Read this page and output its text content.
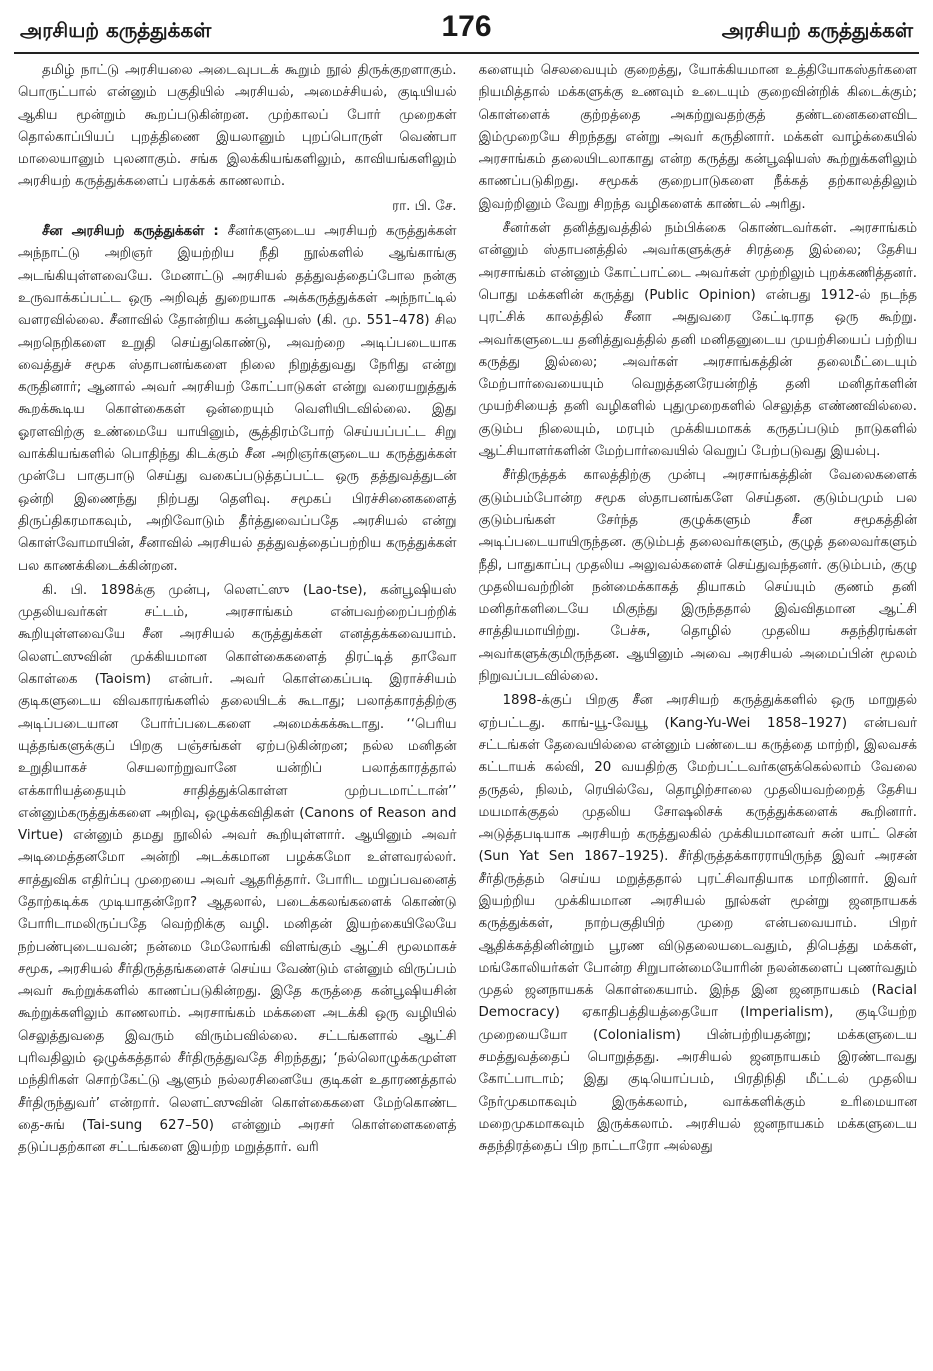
அரசியற் கருத்துக்கள்	176	அரசியற் கருத்துக்கள்

தமிழ் நாட்டு அரசியலை அடைவுபடக் கூறும் நூல் திருக்குறளாகும். பொருட்பால் என்னும் பகுதியில் அரசியல், அமைச்சியல், குடியியல் ஆகிய மூன்றும் கூறப்படுகின்றன. முற்காலப் போர் முறைகள் தொல்காப்பியப் புறத்திணை இயலானும் புறப்பொருள் வெண்பா மாலையானும் புலனாகும். சங்க இலக்கியங்களிலும், காவியங்களிலும் அரசியற் கருத்துக்களைப் பரக்கக் காணலாம்.

ரா. பி. சே.

சீன அரசியற் கருத்துக்கள் : சீனர்களுடைய அரசியற் கருத்துக்கள் அந்நாட்டு அறிஞர் இயற்றிய நீதி நூல்களில் ஆங்காங்கு அடங்கியுள்ளவையே. மேனாட்டு அரசியல் தத்துவத்தைப்போல நன்கு உருவாக்கப்பட்ட ஒரு அறிவுத் துறையாக அக்கருத்துக்கள் அந்நாட்டில் வளரவில்லை. சீனாவில் தோன்றிய கன்பூஷியஸ் (கி. மு. 551–478) சில அறநெறிகளை உறுதி செய்துகொண்டு, அவற்றை அடிப்படையாக வைத்துச் சமூக ஸ்தாபனங்களை நிலை நிறுத்துவது நேரிது என்று கருதினார்; ஆனால் அவர் அரசியற் கோட்பாடுகள் என்று வரையறுத்துக் கூறக்கூடிய கொள்கைகள் ஒன்றையும் வெளியிடவில்லை. இது ஓரளவிற்கு உண்மையே யாயினும், சூத்திரம்போற் செய்யப்பட்ட சிறு வாக்கியங்களில் பொதிந்து கிடக்கும் சீன அறிஞர்களுடைய கருத்துக்கள் முன்பே பாகுபாடு செய்து வகைப்படுத்தப்பட்ட ஒரு தத்துவத்துடன் ஒன்றி இணைந்து நிற்பது தெளிவு. சமூகப் பிரச்சினைகளைத் திருப்திகரமாகவும், அறிவோடும் தீர்த்துவைப்பதே அரசியல் என்று கொள்வோமாயின், சீனாவில் அரசியல் தத்துவத்தைப்பற்றிய கருத்துக்கள் பல காணக்கிடைக்கின்றன.

கி. பி. 1898க்கு முன்பு, லௌட்ஸு (Lao-tse), கன்பூஷியஸ் முதலியவர்கள் சட்டம், அரசாங்கம் என்பவற்றைப்பற்றிக் கூறியுள்ளவையே சீன அரசியல் கருத்துக்கள் எனத்தக்கவையாம். லௌட்ஸுவின் முக்கியமான கொள்கைகளைத் திரட்டித் தாவோ கொள்கை (Taoism) என்பர். அவர் கொள்கைப்படி இராச்சியம் குடிகளுடைய விவகாரங்களில் தலையிடக் கூடாது; பலாத்காரத்திற்கு அடிப்படையான போர்ப்படைகளை அமைக்கக்கூடாது. ‘‘பெரிய யுத்தங்களுக்குப் பிறகு பஞ்சங்கள் ஏற்படுகின்றன; நல்ல மனிதன் உறுதியாகச் செயலாற்றுவானே யன்றிப் பலாத்காரத்தால் எக்காரியத்தையும் சாதித்துக்கொள்ள முற்படமாட்டான்’’ என்னும்கருத்துக்களை அறிவு, ஒழுக்கவிதிகள் (Canons of Reason and Virtue) என்னும் தமது நூலில் அவர் கூறியுள்ளார். ஆயினும் அவர் அடிமைத்தனமோ அன்றி அடக்கமான பழக்கமோ உள்ளவரல்லர். சாத்துவிக எதிர்ப்பு முறையை அவர் ஆதரித்தார். போரிட மறுப்பவனைத் தோற்கடிக்க முடியாதன்றோ? ஆதலால், படைக்கலங்களைக் கொண்டு போரிடாமலிருப்பதே வெற்றிக்கு வழி. மனிதன் இயற்கையிலேயே நற்பண்புடையவன்; நன்மை மேலோங்கி விளங்கும் ஆட்சி மூலமாகச் சமூக, அரசியல் சீர்திருத்தங்களைச் செய்ய வேண்டும் என்னும் விருப்பம் அவர் கூற்றுக்களில் காணப்படுகின்றது. இதே கருத்தை கன்பூஷியசின் கூற்றுக்களிலும் காணலாம். அரசாங்கம் மக்களை அடக்கி ஒரு வழியில் செலுத்துவதை இவரும் விரும்பவில்லை. சட்டங்களால் ஆட்சி புரிவதிலும் ஒழுக்கத்தால் சீர்திருத்துவதே சிறந்தது; ‘நல்லொழுக்கமுள்ள மந்திரிகள் சொற்கேட்டு ஆளும் நல்லரசினையே குடிகள் உதாரணத்தால் சீர்திருந்துவர்’ என்றார். லௌட்ஸுவின் கொள்கைகளை மேற்கொண்ட தை-சுங் (Tai-sung 627–50) என்னும் அரசர் கொள்ளைகளைத் தடுப்பதற்கான சட்டங்களை இயற்ற மறுத்தார். வரி

களையும் செலவையும் குறைத்து, யோக்கியமான உத்தியோகஸ்தர்களை நியமித்தால் மக்களுக்கு உணவும் உடையும் குறைவின்றிக் கிடைக்கும்; கொள்ளைக் குற்றத்தை அகற்றுவதற்குத் தண்டனைகளைவிட இம்முறையே சிறந்தது என்று அவர் கருதினார். மக்கள் வாழ்க்கையில் அரசாங்கம் தலையிடலாகாது என்ற கருத்து கன்பூஷியஸ் கூற்றுக்களிலும் காணப்படுகிறது. சமூகக் குறைபாடுகளை நீக்கத் தற்காலத்திலும் இவற்றினும் வேறு சிறந்த வழிகளைக் காண்டல் அரிது.

சீனர்கள் தனித்துவத்தில் நம்பிக்கை கொண்டவர்கள். அரசாங்கம் என்னும் ஸ்தாபனத்தில் அவர்களுக்குச் சிரத்தை இல்லை; தேசிய அரசாங்கம் என்னும் கோட்பாட்டை அவர்கள் முற்றிலும் புறக்கணித்தனர். பொது மக்களின் கருத்து (Public Opinion) என்பது 1912-ல் நடந்த புரட்சிக் காலத்தில் சீனா அதுவரை கேட்டிராத ஒரு கூற்று. அவர்களுடைய தனித்துவத்தில் தனி மனிதனுடைய முயற்சியைப் பற்றிய கருத்து இல்லை; அவர்கள் அரசாங்கத்தின் தலைமீட்டையும் மேற்பார்வையையும் வெறுத்தனரேயன்றித் தனி மனிதர்களின் முயற்சியைத் தனி வழிகளில் புதுமுறைகளில் செலுத்த எண்ணவில்லை. குடும்ப நிலையும், மரபும் முக்கியமாகக் கருதப்படும் நாடுகளில் ஆட்சியாளர்களின் மேற்பார்வையில் வெறுப் பேற்படுவது இயல்பு.

சீர்திருத்தக் காலத்திற்கு முன்பு அரசாங்கத்தின் வேலைகளைக் குடும்பம்போன்ற சமூக ஸ்தாபனங்களே செய்தன. குடும்பமும் பல குடும்பங்கள் சேர்ந்த குழுக்களும் சீன சமூகத்தின் அடிப்படையாயிருந்தன. குடும்பத் தலைவர்களும், குழுத் தலைவர்களும் நீதி, பாதுகாப்பு முதலிய அலுவல்களைச் செய்துவந்தனர். குடும்பம், குழு முதலியவற்றின் நன்மைக்காகத் தியாகம் செய்யும் குணம் தனி மனிதர்களிடையே மிகுந்து இருந்ததால் இவ்விதமான ஆட்சி சாத்தியமாயிற்று. பேச்சு, தொழில் முதலிய சுதந்திரங்கள் அவர்களுக்குமிருந்தன. ஆயினும் அவை அரசியல் அமைப்பின் மூலம் நிறுவப்படவில்லை.

1898-க்குப் பிறகு சீன அரசியற் கருத்துக்களில் ஒரு மாறுதல் ஏற்பட்டது. காங்-யூ-வேயூ (Kang-Yu-Wei 1858–1927) என்பவர் சட்டங்கள் தேவையில்லை என்னும் பண்டைய கருத்தை மாற்றி, இலவசக் கட்டாயக் கல்வி, 20 வயதிற்கு மேற்பட்டவர்களுக்கெல்லாம் வேலை தருதல், நிலம், ரெயில்வே, தொழிற்சாலை முதலியவற்றைத் தேசிய மயமாக்குதல் முதலிய சோஷலிசக் கருத்துக்களைக் கூறினார். அடுத்தபடியாக அரசியற் கருத்துலகில் முக்கியமானவர் சுன் யாட் சென் (Sun Yat Sen 1867–1925). சீர்திருத்தக்காரராயிருந்த இவர் அரசன் சீர்திருத்தம் செய்ய மறுத்ததால் புரட்சிவாதியாக மாறினார். இவர் இயற்றிய முக்கியமான அரசியல் நூல்கள் மூன்று ஜனநாயகக் கருத்துக்கள், நாற்பகுதியிற் முறை என்பவையாம். பிறர் ஆதிக்கத்தினின்றும் பூரண விடுதலையடைவதும், திபெத்து மக்கள், மங்கோலியர்கள் போன்ற சிறுபான்மையோரின் நலன்களைப் புணர்வதும் முதல் ஜனநாயகக் கொள்கையாம். இந்த இன ஜனநாயகம் (Racial Democracy) ஏகாதிபத்தியத்தையோ (Imperialism), குடியேற்ற முறையையோ (Colonialism) பின்பற்றியதன்று; மக்களுடைய சமத்துவத்தைப் பொறுத்தது. அரசியல் ஜனநாயகம் இரண்டாவது கோட்பாடாம்; இது குடியொப்பம், பிரதிநிதி மீட்டல் முதலிய நேர்முகமாகவும் இருக்கலாம், வாக்களிக்கும் உரிமையான மறைமுகமாகவும் இருக்கலாம். அரசியல் ஜனநாயகம் மக்களுடைய சுதந்திரத்தைப் பிற நாட்டாரோ அல்லது
